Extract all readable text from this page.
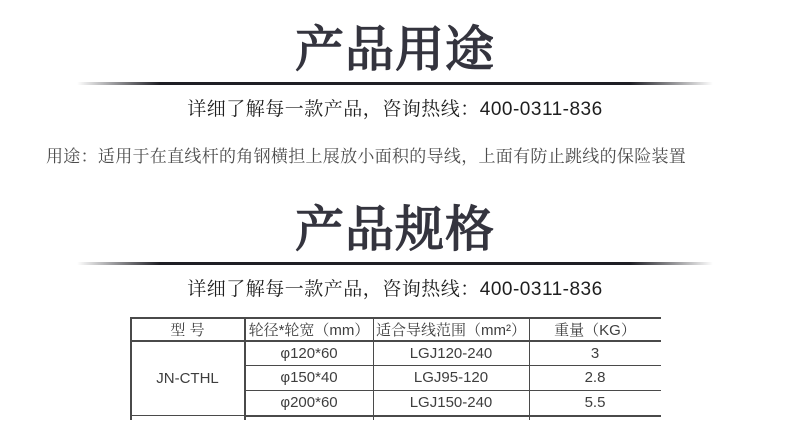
产品用途

详细了解每一款产品，咨询热线：400-0311-836

用途：适用于在直线杆的角钢横担上展放小面积的导线，上面有防止跳线的保险装置

产品规格

详细了解每一款产品，咨询热线：400-0311-836

型 号	轮径*轮宽（mm）	适合导线范围（mm²）	重量（KG）
JN-CTHL	φ120*60	LGJ120-240	3
	φ150*40	LGJ95-120	2.8
	φ200*60	LGJ150-240	5.5
